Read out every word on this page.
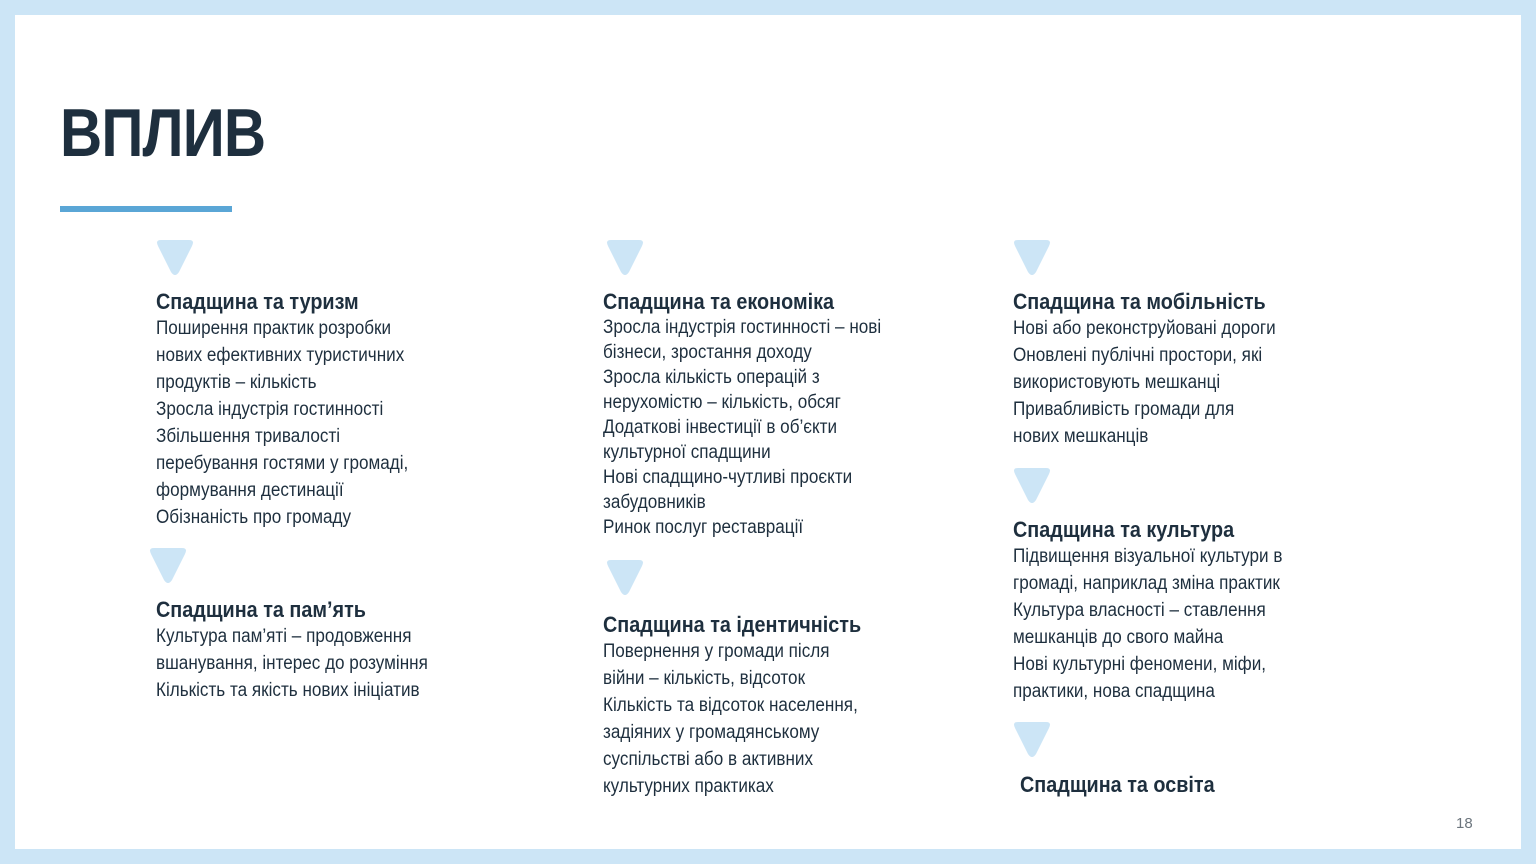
ВПЛИВ
Спадщина та туризм
Поширення практик розробки
нових ефективних туристичних
продуктів – кількість
Зросла індустрія гостинності
Збільшення тривалості
перебування гостями у громаді,
формування дестинації
Обізнаність про громаду
Спадщина та пам’ять
Культура пам’яті – продовження
вшанування, інтерес до розуміння
Кількість та якість нових ініціатив
Спадщина та економіка
Зросла індустрія гостинності – нові
бізнеси, зростання доходу
Зросла кількість операцій з
нерухомістю – кількість, обсяг
Додаткові інвестиції в об’єкти
культурної спадщини
Нові спадщино-чутливі проєкти
забудовників
Ринок послуг реставрації
Спадщина та ідентичність
Повернення у громади після
війни – кількість, відсоток
Кількість та відсоток населення,
задіяних у громадянському
суспільстві або в активних
культурних практиках
Спадщина та мобільність
Нові або реконструйовані дороги
Оновлені публічні простори, які
використовують мешканці
Привабливість громади для
нових мешканців
Спадщина та культура
Підвищення візуальної культури в
громаді, наприклад зміна практик
Культура власності – ставлення
мешканців до свого майна
Нові культурні феномени, міфи,
практики, нова спадщина
Спадщина та освіта
18
